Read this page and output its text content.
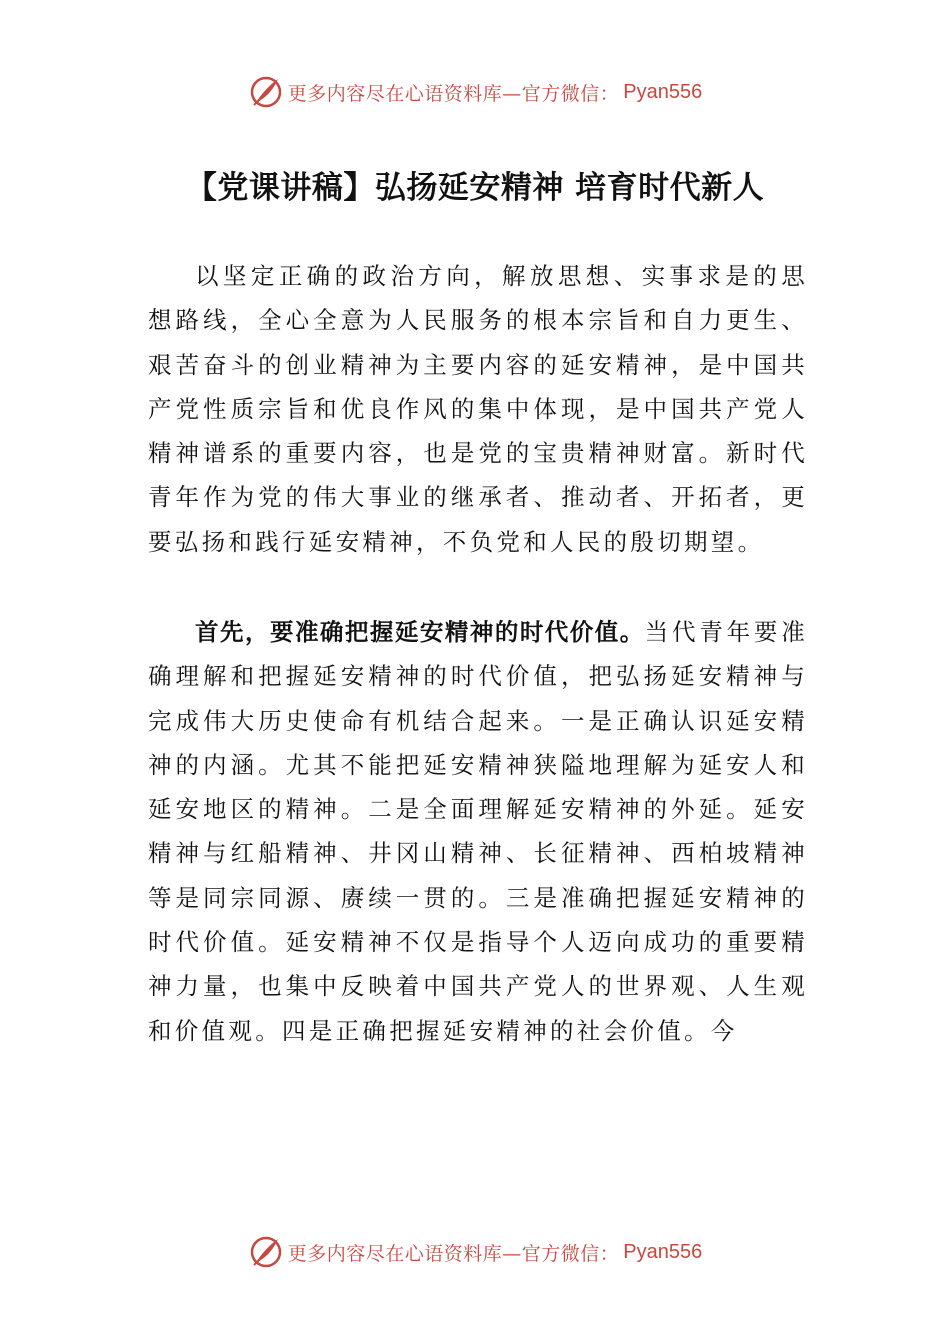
更多内容尽在心语资料库—官方微信： Pyan556
【党课讲稿】弘扬延安精神 培育时代新人

以坚定正确的政治方向，解放思想、实事求是的思想路线，全心全意为人民服务的根本宗旨和自力更生、艰苦奋斗的创业精神为主要内容的延安精神，是中国共产党性质宗旨和优良作风的集中体现，是中国共产党人精神谱系的重要内容，也是党的宝贵精神财富。新时代青年作为党的伟大事业的继承者、推动者、开拓者，更要弘扬和践行延安精神，不负党和人民的殷切期望。

首先，要准确把握延安精神的时代价值。当代青年要准确理解和把握延安精神的时代价值，把弘扬延安精神与完成伟大历史使命有机结合起来。一是正确认识延安精神的内涵。尤其不能把延安精神狭隘地理解为延安人和延安地区的精神。二是全面理解延安精神的外延。延安精神与红船精神、井冈山精神、长征精神、西柏坡精神等是同宗同源、赓续一贯的。三是准确把握延安精神的时代价值。延安精神不仅是指导个人迈向成功的重要精神力量，也集中反映着中国共产党人的世界观、人生观和价值观。四是正确把握延安精神的社会价值。今

更多内容尽在心语资料库—官方微信： Pyan556
